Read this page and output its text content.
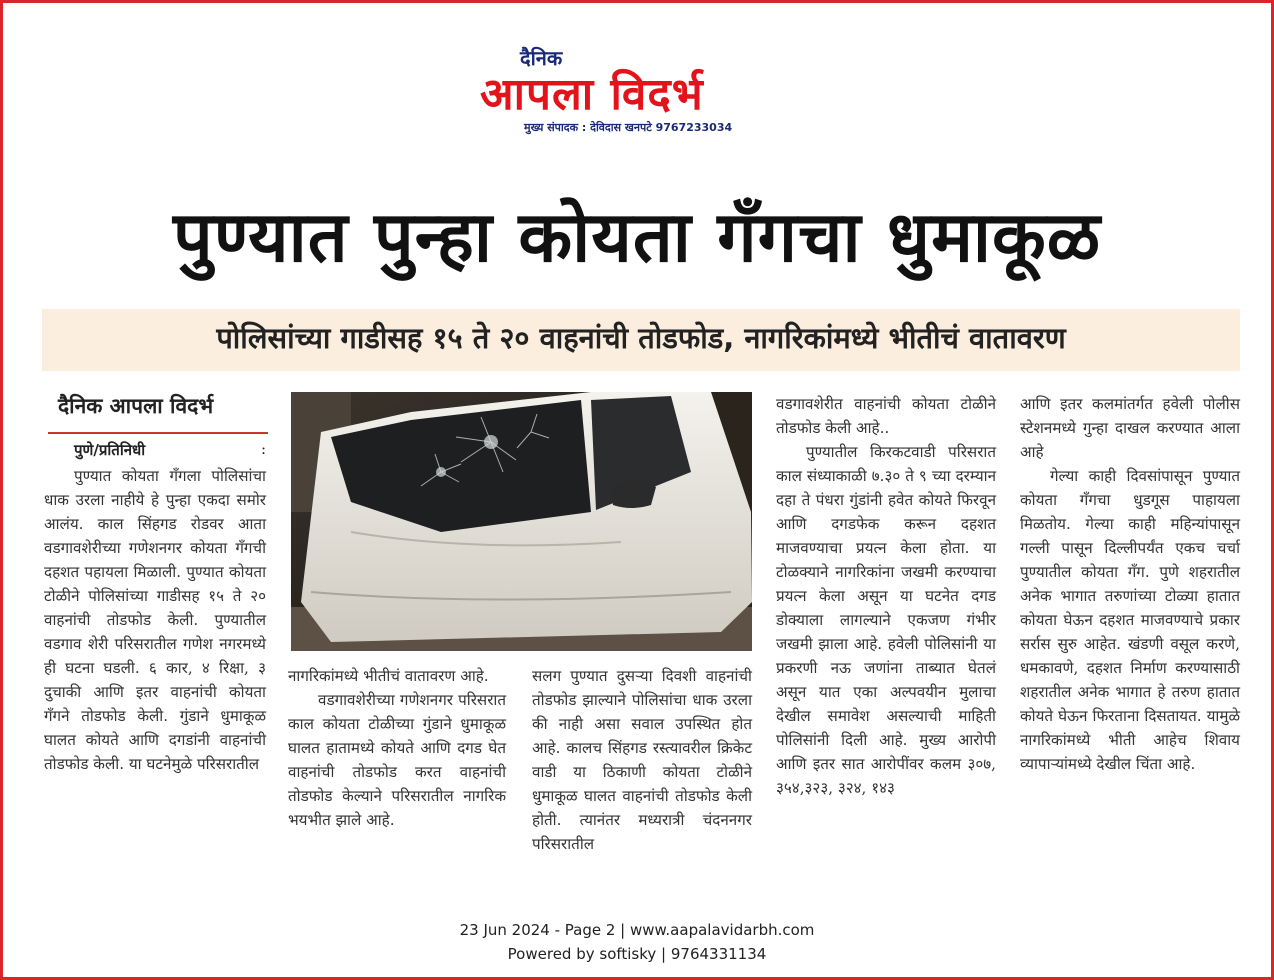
दैनिक
आपला विदर्भ
मुख्य संपादक : देविदास खनपटे 9767233034
पुण्यात पुन्हा कोयता गँगचा धुमाकूळ
पोलिसांच्या गाडीसह १५ ते २० वाहनांची तोडफोड, नागरिकांमध्ये भीतीचं वातावरण
दैनिक आपला विदर्भ
पुणे/प्रतिनिधी	:

पुण्यात कोयता गँगला पोलिसांचा धाक उरला नाहीये हे पुन्हा एकदा समोर आलंय. काल सिंहगड रोडवर आता वडगावशेरीच्या गणेशनगर कोयता गँगची दहशत पहायला मिळाली. पुण्यात कोयता टोळीने पोलिसांच्या गाडीसह १५ ते २० वाहनांची तोडफोड केली. पुण्यातील वडगाव शेरी परिसरातील गणेश नगरमध्ये ही घटना घडली. ६ कार, ४ रिक्षा, ३ दुचाकी आणि इतर वाहनांची कोयता गँगने तोडफोड केली. गुंडाने धुमाकूळ घालत कोयते आणि दगडांनी वाहनांची तोडफोड केली. या घटनेमुळे परिसरातील

नागरिकांमध्ये भीतीचं वातावरण आहे.

वडगावशेरीच्या गणेशनगर परिसरात काल कोयता टोळीच्या गुंडाने धुमाकूळ घालत हातामध्ये कोयते आणि दगड घेत वाहनांची तोडफोड करत वाहनांची तोडफोड केल्याने परिसरातील नागरिक भयभीत झाले आहे.

सलग पुण्यात दुसऱ्या दिवशी वाहनांची तोडफोड झाल्याने पोलिसांचा धाक उरला की नाही असा सवाल उपस्थित होत आहे. कालच सिंहगड रस्त्यावरील क्रिकेट वाडी या ठिकाणी कोयता टोळीने धुमाकूळ घालत वाहनांची तोडफोड केली होती. त्यानंतर मध्यरात्री चंदननगर परिसरातील

वडगावशेरीत वाहनांची कोयता टोळीने तोडफोड केली आहे..

पुण्यातील किरकटवाडी परिसरात काल संध्याकाळी ७.३० ते ९ च्या दरम्यान दहा ते पंधरा गुंडांनी हवेत कोयते फिरवून आणि दगडफेक करून दहशत माजवण्याचा प्रयत्न केला होता. या टोळक्याने नागरिकांना जखमी करण्याचा प्रयत्न केला असून या घटनेत दगड डोक्याला लागल्याने एकजण गंभीर जखमी झाला आहे. हवेली पोलिसांनी या प्रकरणी नऊ जणांना ताब्यात घेतलं असून यात एका अल्पवयीन मुलाचा देखील समावेश असल्याची माहिती पोलिसांनी दिली आहे. मुख्य आरोपी आणि इतर सात आरोपींवर कलम ३०७, ३५४,३२३, ३२४, १४३

आणि इतर कलमांतर्गत हवेली पोलीस स्टेशनमध्ये गुन्हा दाखल करण्यात आला आहे

गेल्या काही दिवसांपासून पुण्यात कोयता गँगचा धुडगूस पाहायला मिळतोय. गेल्या काही महिन्यांपासून गल्ली पासून दिल्लीपर्यंत एकच चर्चा पुण्यातील कोयता गँग. पुणे शहरातील अनेक भागात तरुणांच्या टोळ्या हातात कोयता घेऊन दहशत माजवण्याचे प्रकार सर्रास सुरु आहेत. खंडणी वसूल करणे, धमकावणे, दहशत निर्माण करण्यासाठी शहरातील अनेक भागात हे तरुण हातात कोयते घेऊन फिरताना दिसतायत. यामुळे नागरिकांमध्ये भीती आहेच शिवाय व्यापाऱ्यांमध्ये देखील चिंता आहे.

23 Jun 2024 - Page 2 | www.aapalavidarbh.com
Powered by softisky | 9764331134
